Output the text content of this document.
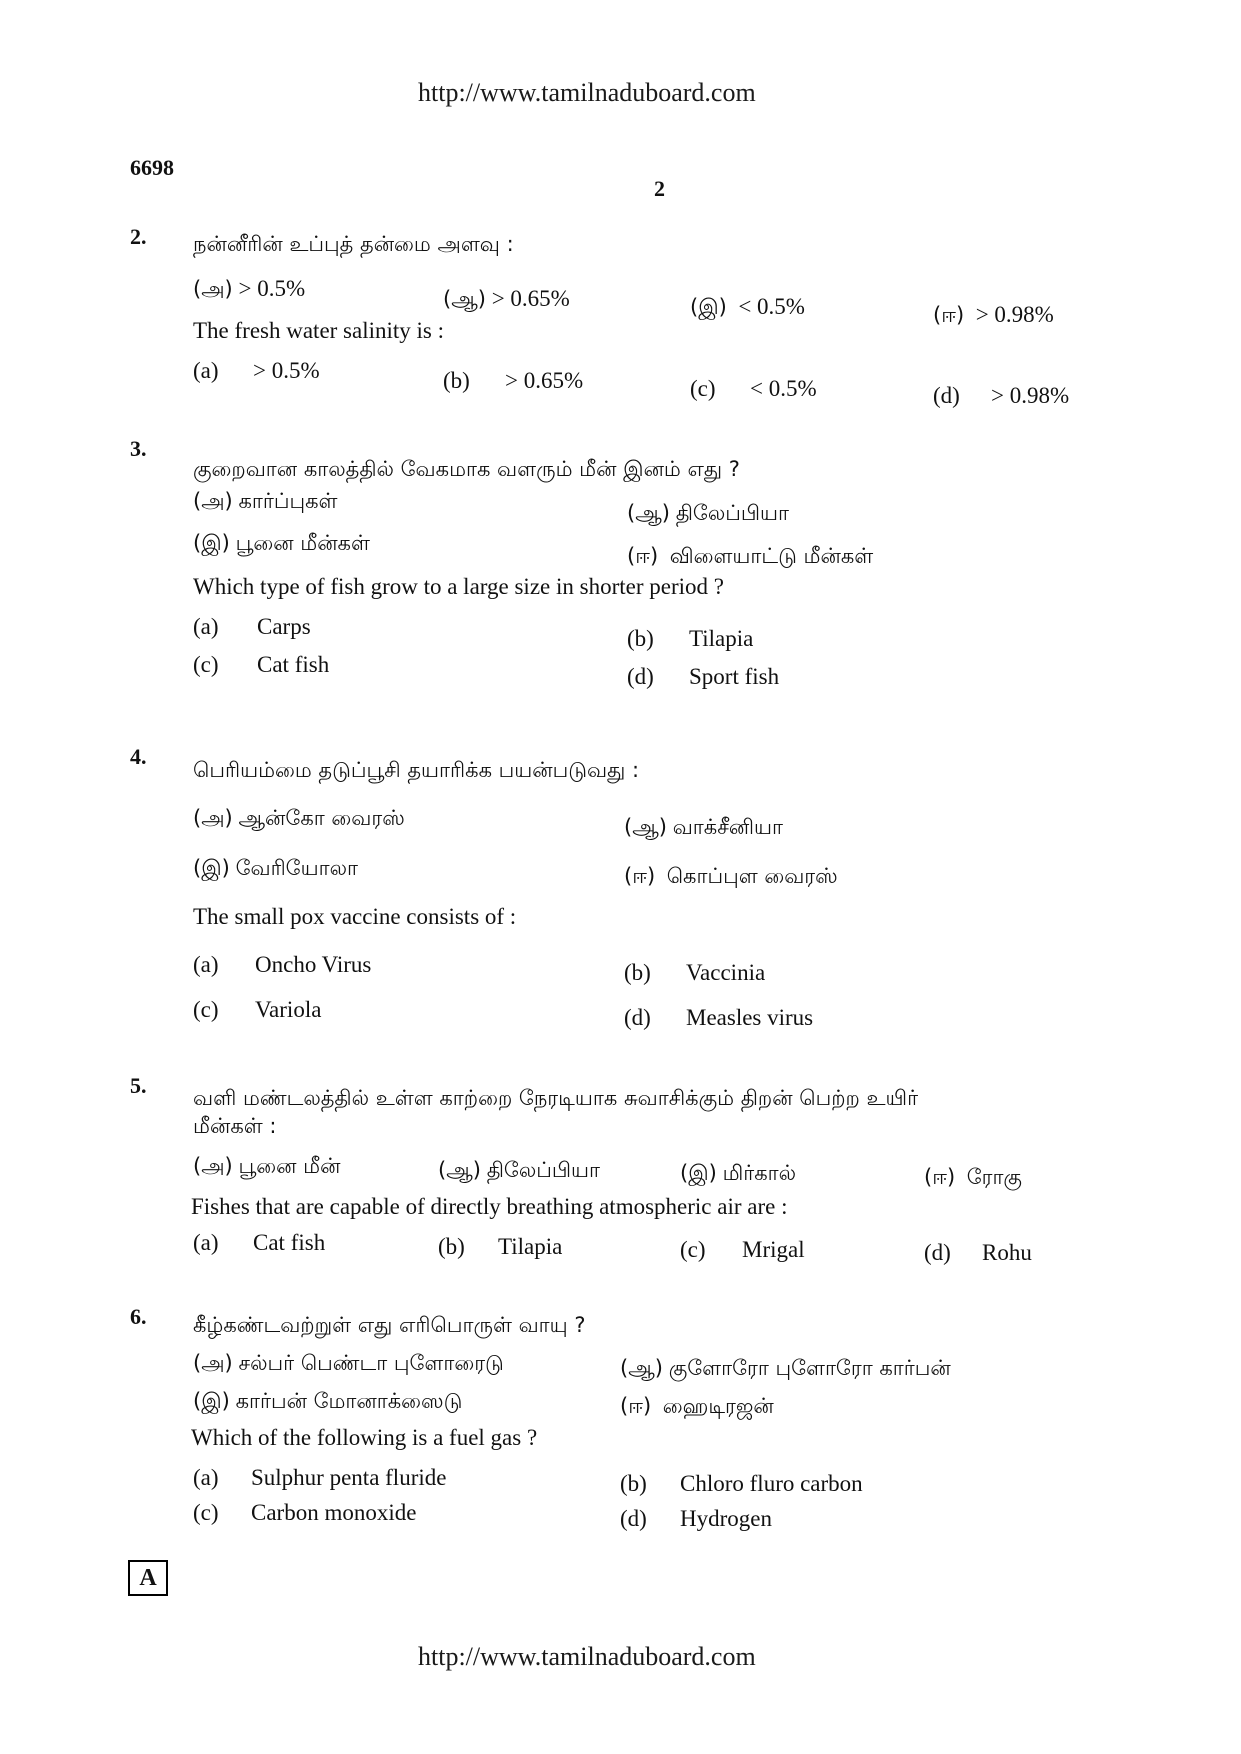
http://www.tamilnaduboard.com
6698
2
2. நன்னீரின் உப்புத் தன்மை அளவு :
(அ) > 0.5%	(ஆ) > 0.65%	(இ) < 0.5%	(ஈ) > 0.98%
The fresh water salinity is :
(a) > 0.5%	(b) > 0.65%	(c) < 0.5%	(d) > 0.98%
3.
குறைவான காலத்தில் வேகமாக வளரும் மீன் இனம் எது ?
(அ) கார்ப்புகள்	(ஆ) திலேப்பியா
(இ) பூனை மீன்கள்
(ஈ) விளையாட்டு மீன்கள்
Which type of fish grow to a large size in shorter period ?
(a) Carps	(b) Tilapia
(c) Cat fish	(d) Sport fish
4.
பெரியம்மை தடுப்பூசி தயாரிக்க பயன்படுவது :
(அ) ஆன்கோ வைரஸ்	(ஆ) வாக்சீனியா
(இ) வேரியோலா	(ஈ) கொப்புள வைரஸ்
The small pox vaccine consists of :
(a) Oncho Virus	(b) Vaccinia
(c) Variola	(d) Measles virus
5. வளி மண்டலத்தில் உள்ள காற்றை நேரடியாக சுவாசிக்கும் திறன் பெற்ற உயிர்
மீன்கள் :
(அ) பூனை மீன்	(ஆ) திலேப்பியா	(இ) மிர்கால்	(ஈ) ரோகு
Fishes that are capable of directly breathing atmospheric air are :
(a) Cat fish	(b) Tilapia	(c) Mrigal	(d) Rohu
6. கீழ்கண்டவற்றுள் எது எரிபொருள் வாயு ?
(அ) சல்பர் பெண்டா புளோரைடு	(ஆ) குளோரோ புளோரோ கார்பன்
(இ) கார்பன் மோனாக்ஸைடு	(ஈ) ஹைடிரஜன்
Which of the following is a fuel gas ?
(a) Sulphur penta fluride	(b) Chloro fluro carbon
(c) Carbon monoxide	(d) Hydrogen
A
http://www.tamilnaduboard.com
